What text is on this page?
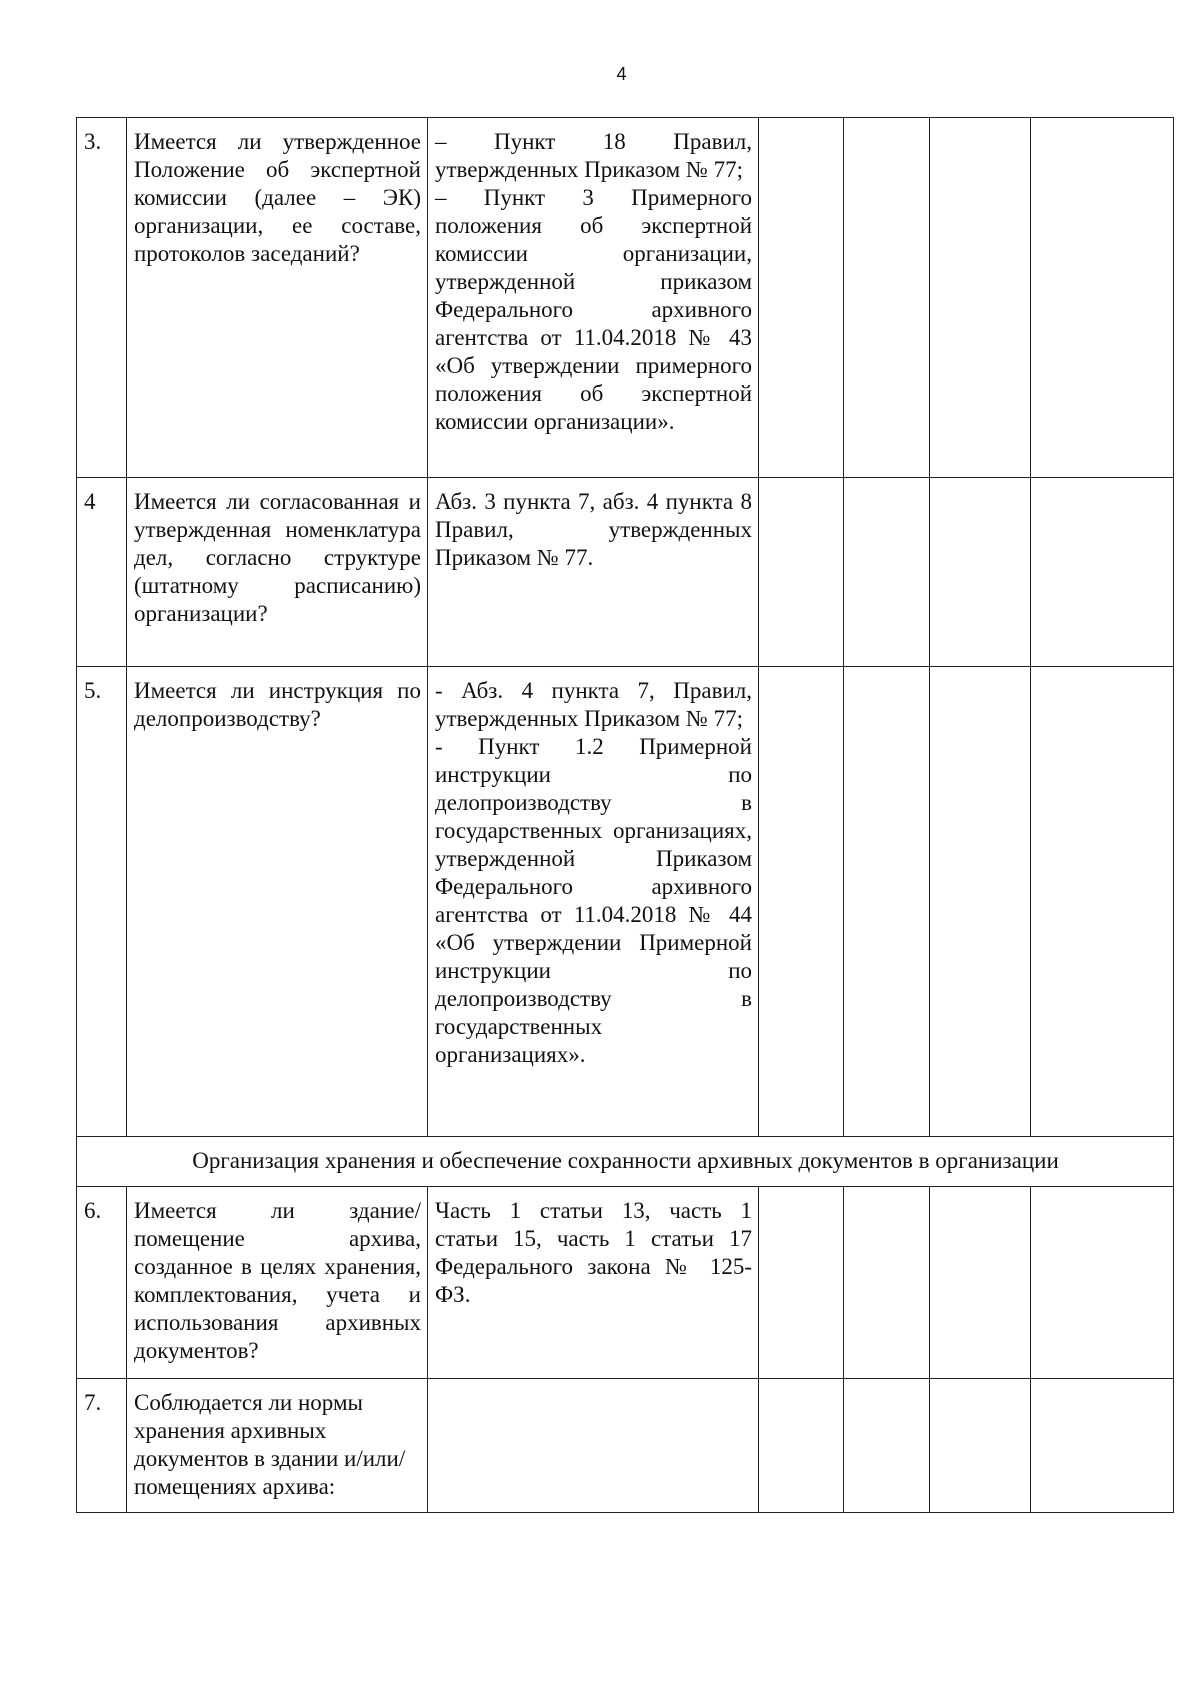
4
3.	Имеется ли утвержденное Положение об экспертной комиссии (далее – ЭК) организации, ее составе, протоколов заседаний?	– Пункт 18 Правил, утвержденных Приказом № 77;
– Пункт 3 Примерного положения об экспертной комиссии организации, утвержденной приказом Федерального архивного агентства от 11.04.2018 № 43 «Об утверждении примерного положения об экспертной комиссии организации».				

4	Имеется ли согласованная и утвержденная номенклатура дел, согласно структуре (штатному расписанию) организации?	Абз. 3 пункта 7, абз. 4 пункта 8 Правил, утвержденных Приказом № 77.				

5.	Имеется ли инструкция по делопроизводству?	- Абз. 4 пункта 7, Правил, утвержденных Приказом № 77;
- Пункт 1.2 Примерной инструкции по делопроизводству в государственных организациях, утвержденной Приказом Федерального архивного агентства от 11.04.2018 № 44 «Об утверждении Примерной инструкции по делопроизводству в государственных организациях».				

Организация хранения и обеспечение сохранности архивных документов в организации						
6.	Имеется ли здание/помещение архива, созданное в целях хранения, комплектования, учета и использования архивных документов?	Часть 1 статьи 13, часть 1 статьи 15, часть 1 статьи 17 Федерального закона № 125-ФЗ.				

7.	Соблюдается ли нормы хранения архивных документов в здании и/или/ помещениях архива:					
